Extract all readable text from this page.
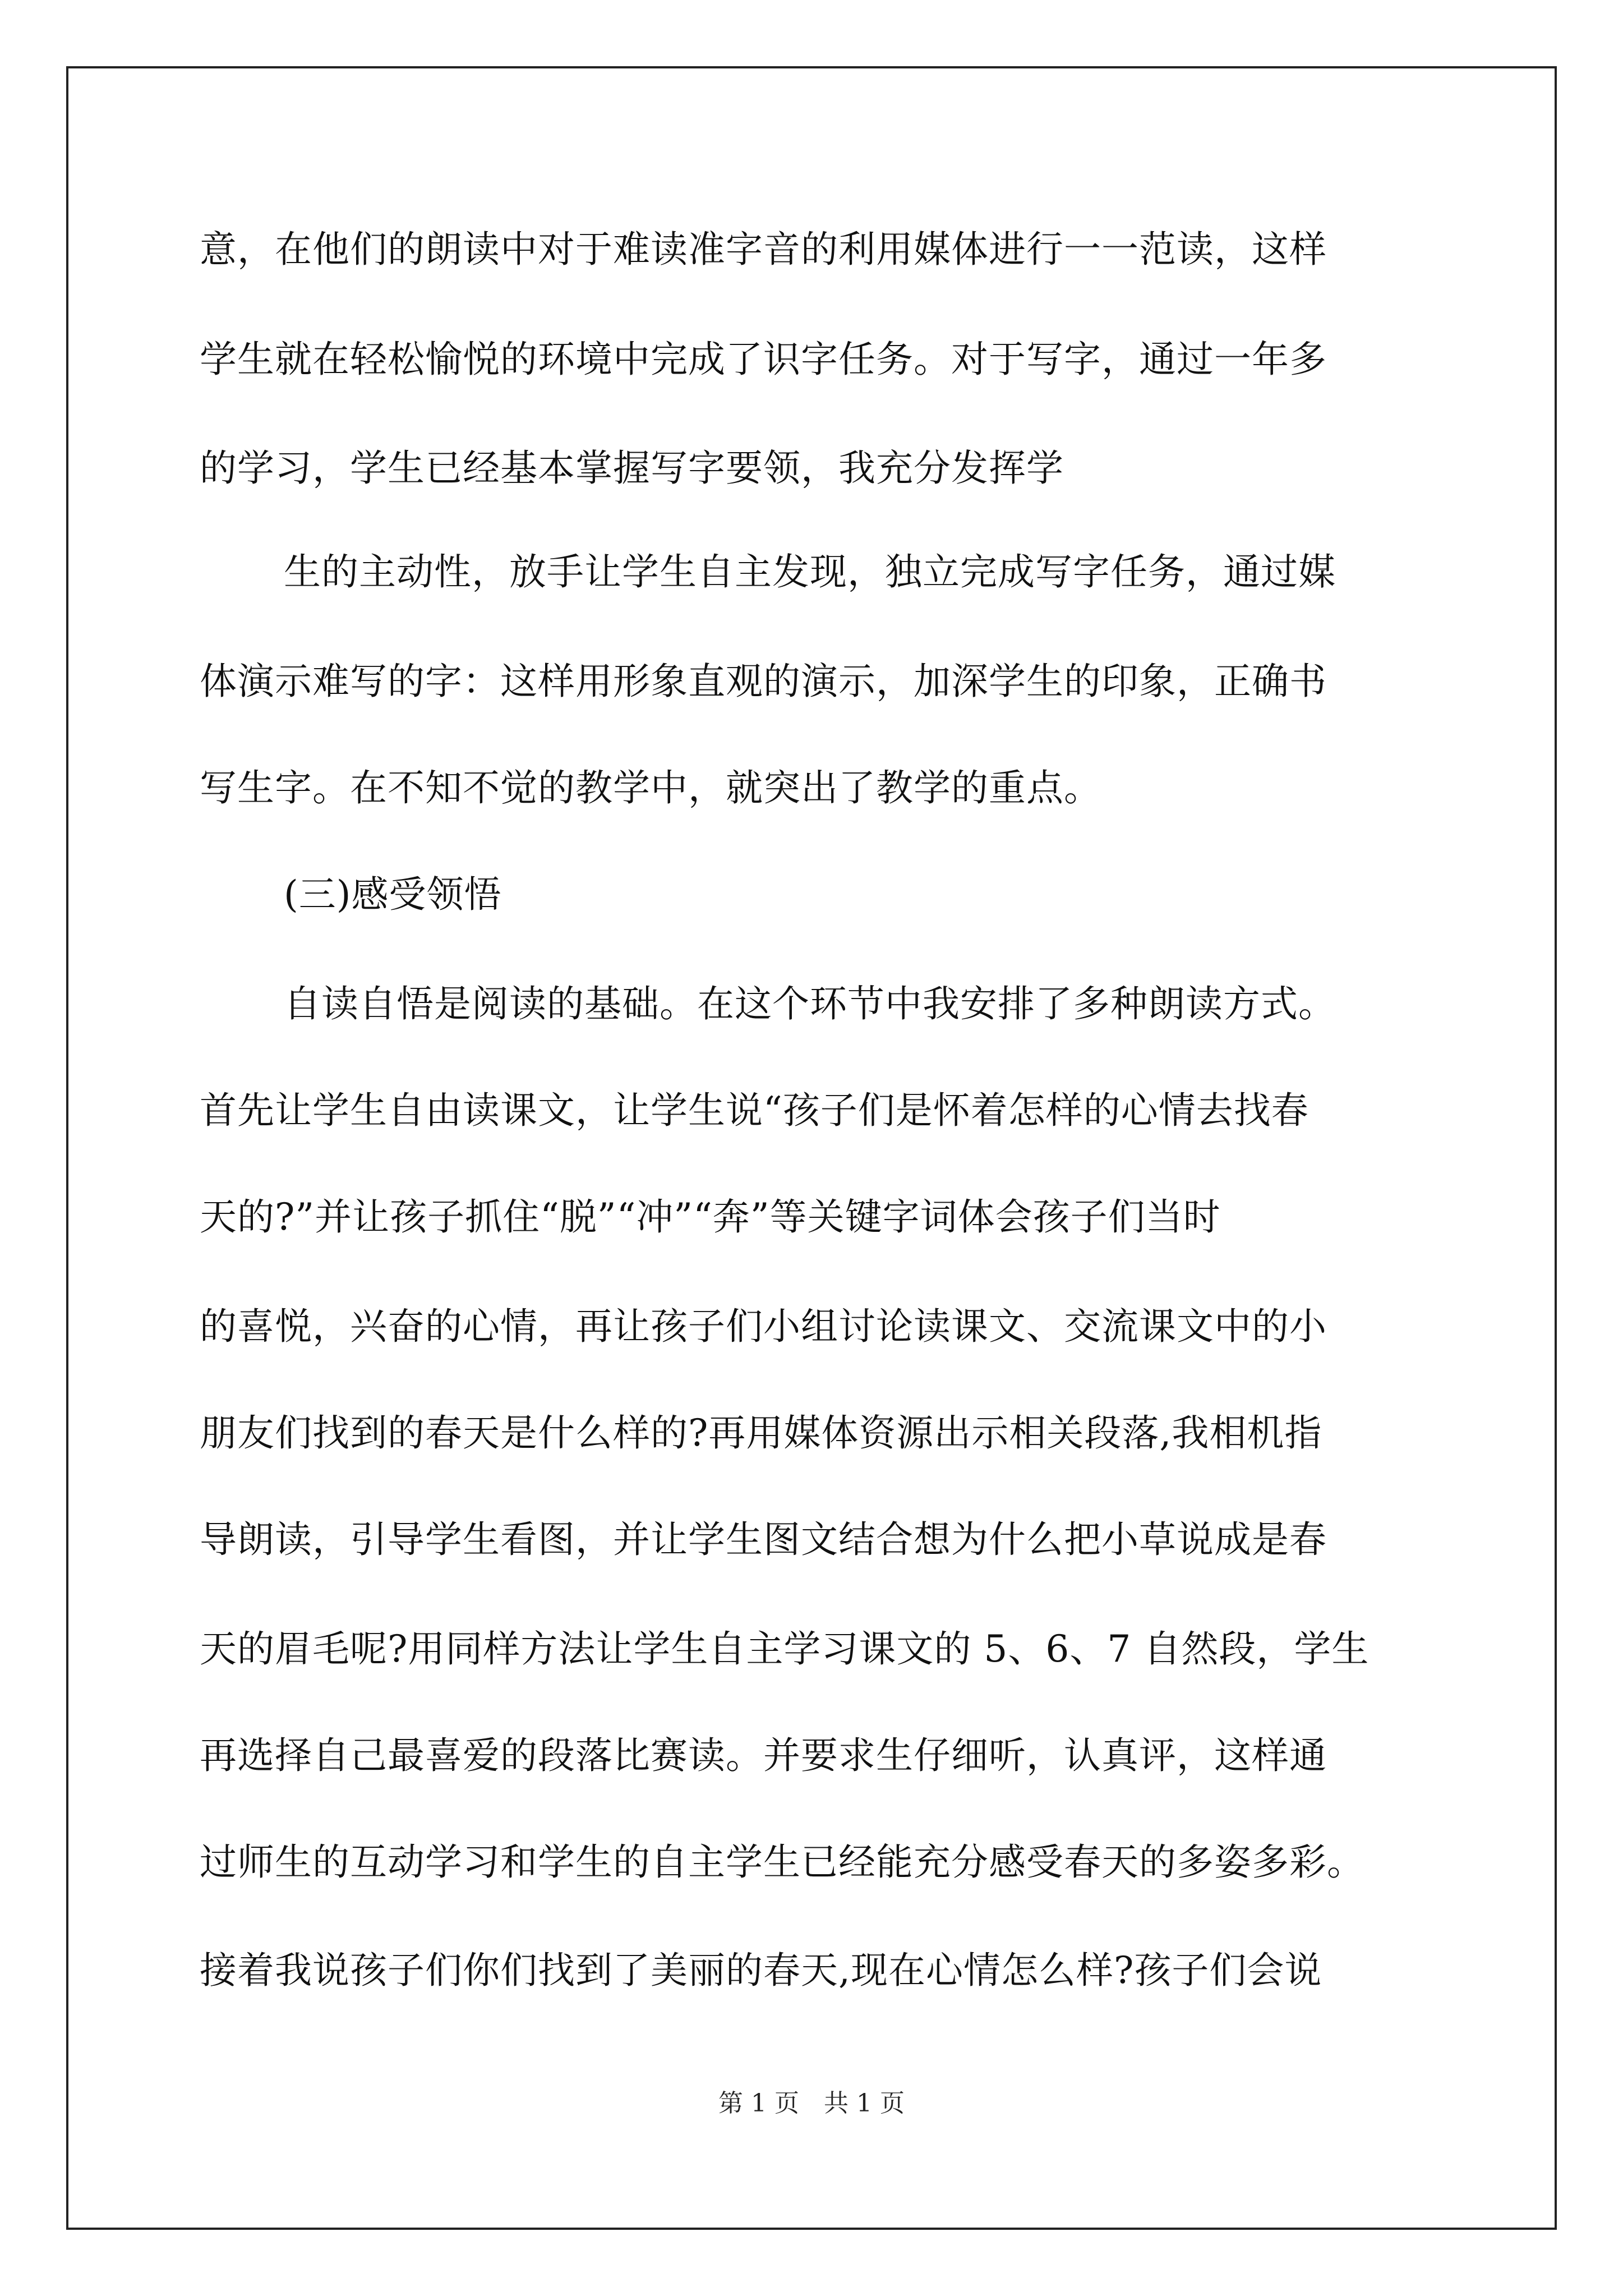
意，在他们的朗读中对于难读准字音的利用媒体进行一一范读，这样
学生就在轻松愉悦的环境中完成了识字任务。对于写字，通过一年多
的学习，学生已经基本掌握写字要领，我充分发挥学
生的主动性，放手让学生自主发现，独立完成写字任务，通过媒
体演示难写的字：这样用形象直观的演示，加深学生的印象，正确书
写生字。在不知不觉的教学中，就突出了教学的重点。
(三)感受领悟
自读自悟是阅读的基础。在这个环节中我安排了多种朗读方式。
首先让学生自由读课文，让学生说“孩子们是怀着怎样的心情去找春
天的?”并让孩子抓住“脱”“冲”“奔”等关键字词体会孩子们当时
的喜悦，兴奋的心情，再让孩子们小组讨论读课文、交流课文中的小
朋友们找到的春天是什么样的?再用媒体资源出示相关段落,我相机指
导朗读，引导学生看图，并让学生图文结合想为什么把小草说成是春
天的眉毛呢?用同样方法让学生自主学习课文的 5、6、7 自然段，学生
再选择自己最喜爱的段落比赛读。并要求生仔细听，认真评，这样通
过师生的互动学习和学生的自主学生已经能充分感受春天的多姿多彩。
接着我说孩子们你们找到了美丽的春天,现在心情怎么样?孩子们会说
第 1 页　共 1 页
